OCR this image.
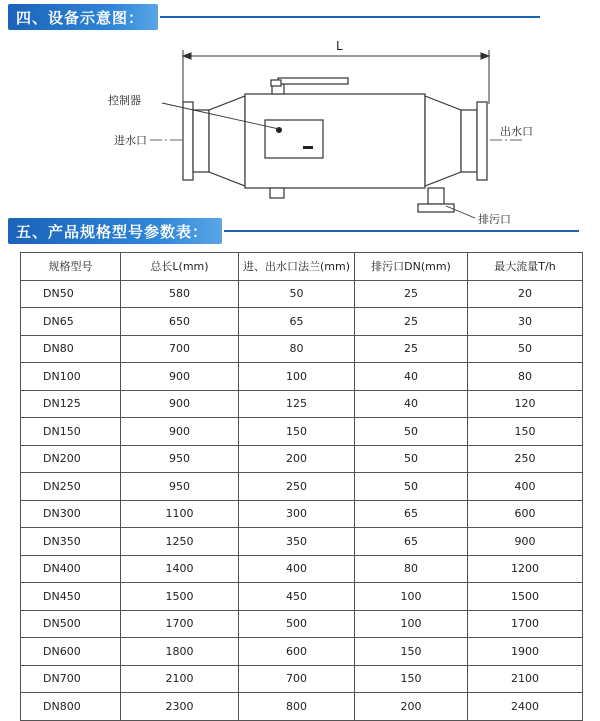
四、设备示意图：
L
控制器
进水口
出水口
排污口
五、产品规格型号参数表：
规格型号	总长L(mm)	进、出水口法兰(mm)	排污口DN(mm)	最大流量T/h
DN50	580	50	25	20
DN65	650	65	25	30
DN80	700	80	25	50
DN100	900	100	40	80
DN125	900	125	40	120
DN150	900	150	50	150
DN200	950	200	50	250
DN250	950	250	50	400
DN300	1100	300	65	600
DN350	1250	350	65	900
DN400	1400	400	80	1200
DN450	1500	450	100	1500
DN500	1700	500	100	1700
DN600	1800	600	150	1900
DN700	2100	700	150	2100
DN800	2300	800	200	2400
